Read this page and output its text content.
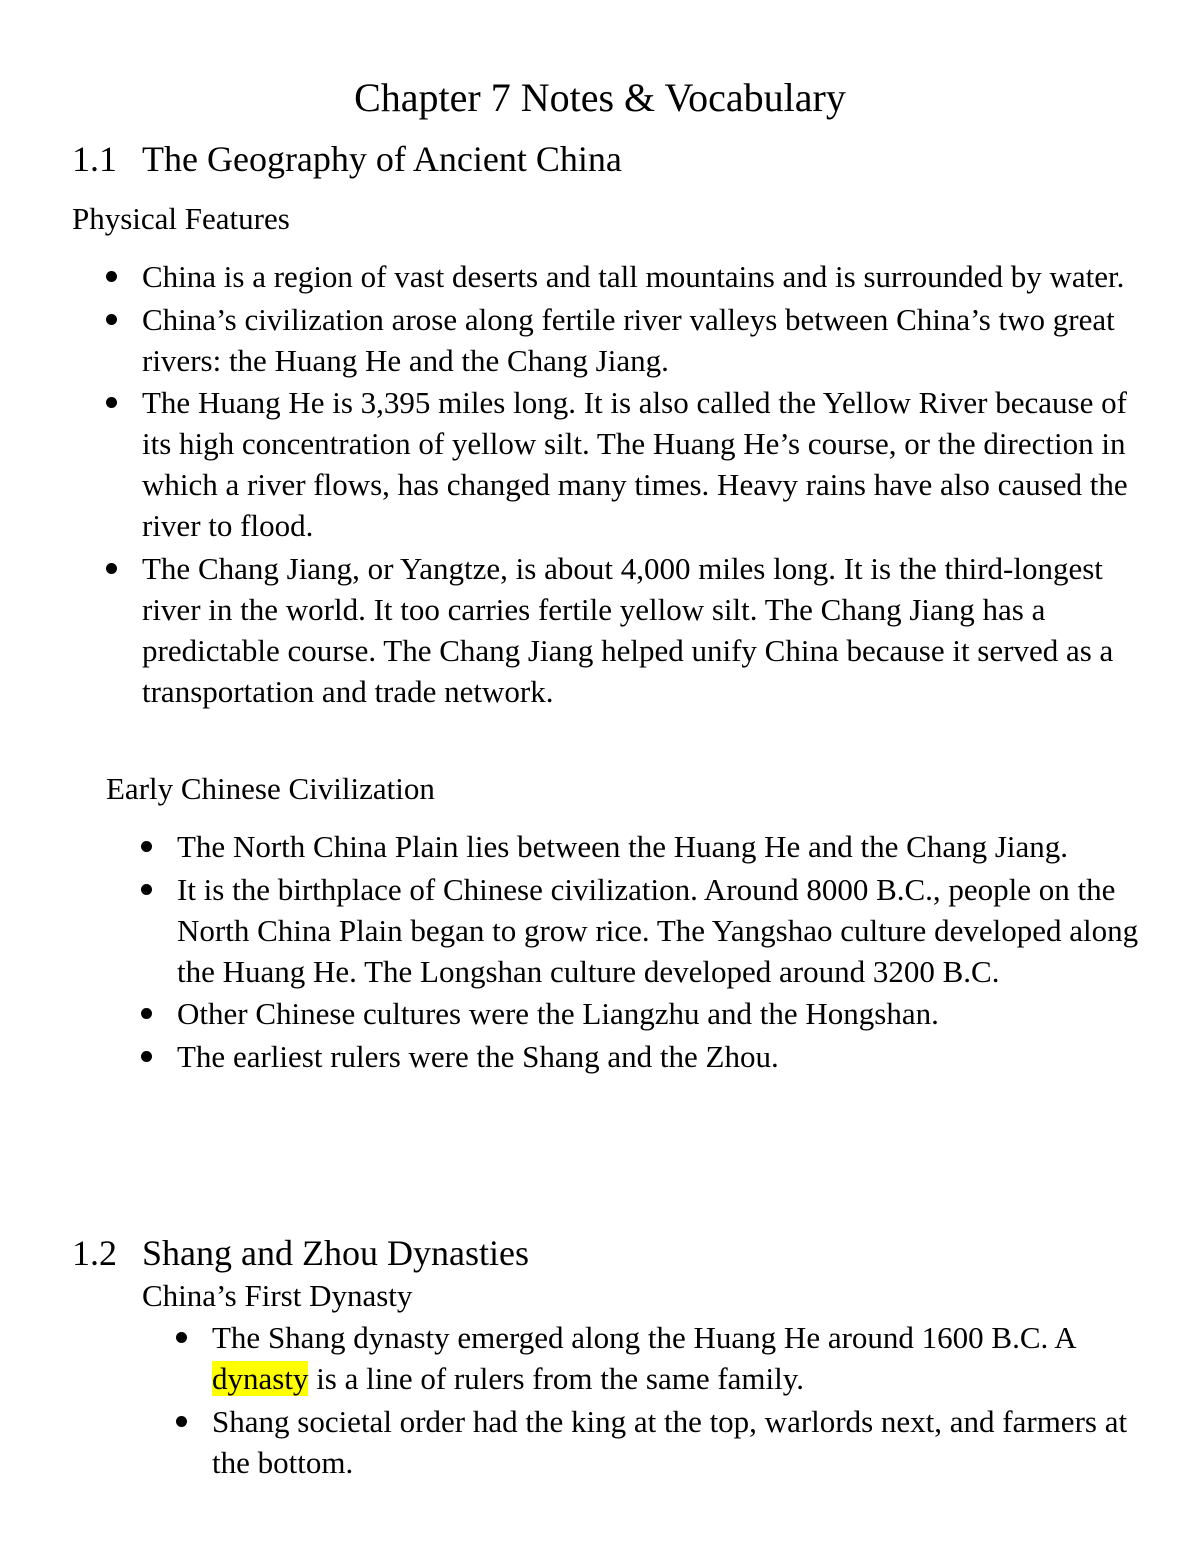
Chapter 7 Notes & Vocabulary
1.1 The Geography of Ancient China
Physical Features
China is a region of vast deserts and tall mountains and is surrounded by water.
China’s civilization arose along fertile river valleys between China’s two great rivers: the Huang He and the Chang Jiang.
The Huang He is 3,395 miles long. It is also called the Yellow River because of its high concentration of yellow silt. The Huang He’s course, or the direction in which a river flows, has changed many times. Heavy rains have also caused the river to flood.
The Chang Jiang, or Yangtze, is about 4,000 miles long. It is the third-longest river in the world. It too carries fertile yellow silt. The Chang Jiang has a predictable course. The Chang Jiang helped unify China because it served as a transportation and trade network.
Early Chinese Civilization
The North China Plain lies between the Huang He and the Chang Jiang.
It is the birthplace of Chinese civilization. Around 8000 B.C., people on the North China Plain began to grow rice. The Yangshao culture developed along the Huang He. The Longshan culture developed around 3200 B.C.
Other Chinese cultures were the Liangzhu and the Hongshan.
The earliest rulers were the Shang and the Zhou.
1.2 Shang and Zhou Dynasties
China’s First Dynasty
The Shang dynasty emerged along the Huang He around 1600 B.C. A dynasty is a line of rulers from the same family.
Shang societal order had the king at the top, warlords next, and farmers at the bottom.
